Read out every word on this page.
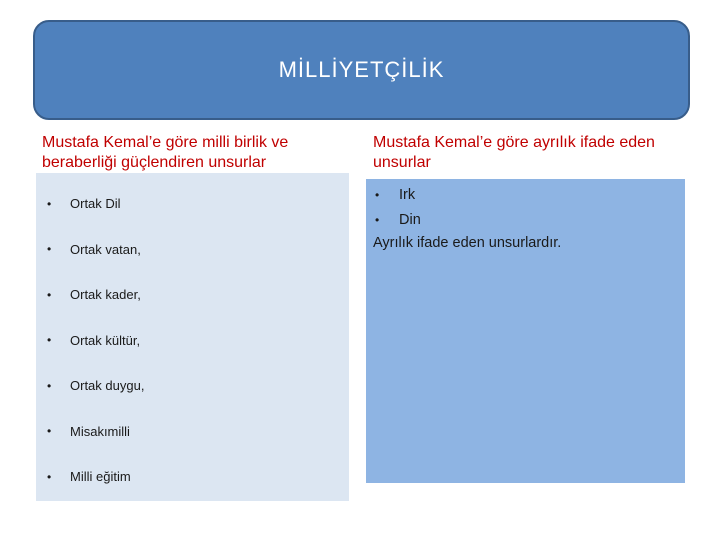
MİLLİYETÇİLİK
Mustafa Kemal’e göre milli birlik ve beraberliği güçlendiren unsurlar
Mustafa Kemal’e göre ayrılık ifade eden unsurlar
• Ortak Dil
• Ortak vatan,
• Ortak kader,
• Ortak kültür,
• Ortak duygu,
• Misakımilli
• Milli eğitim
• Irk
• Din
Ayrılık ifade eden unsurlardır.
